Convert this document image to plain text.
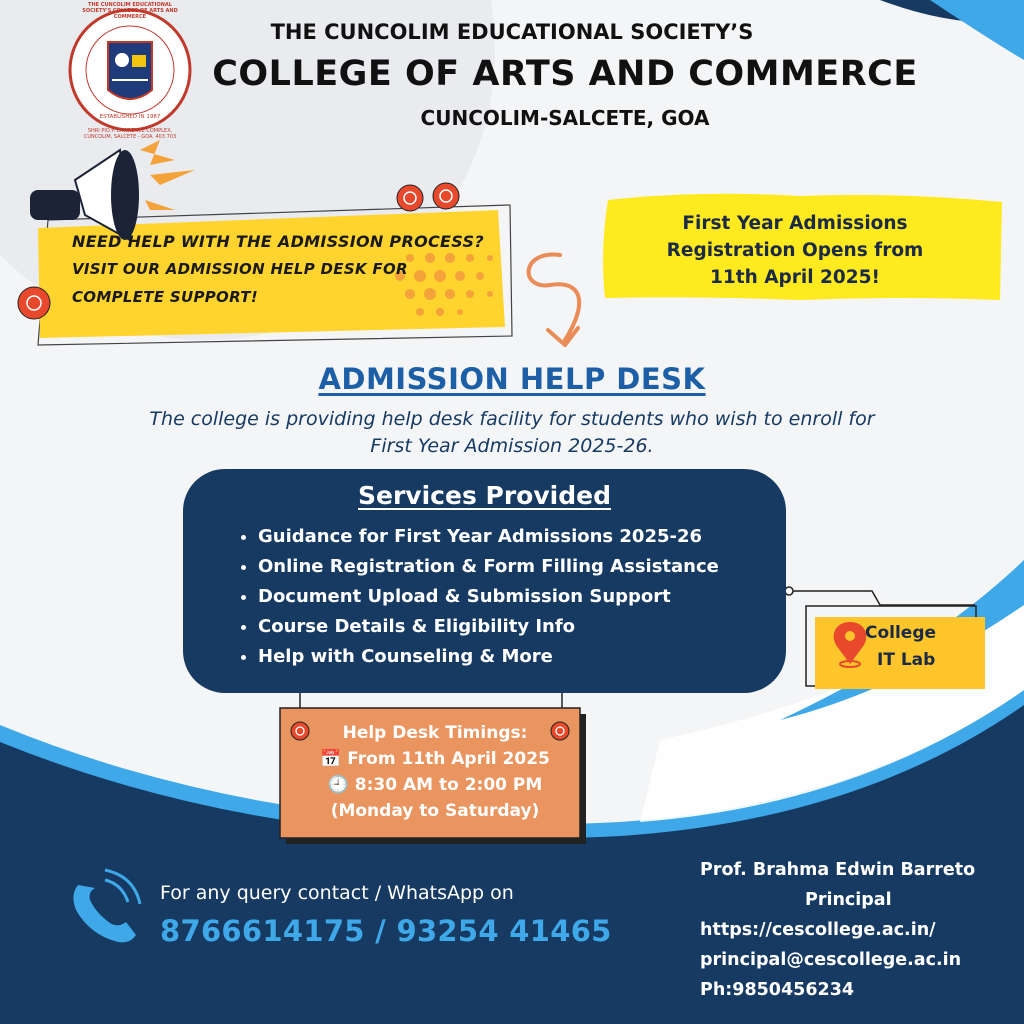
ESTABLISHED IN 1987
THE CUNCOLIM EDUCATIONAL SOCIETY’S
COLLEGE OF ARTS AND COMMERCE
CUNCOLIM-SALCETE, GOA
SHRI PIO P. LAWRENCE COMPLEX, CUNCOLIM, SALCETE - GOA. 403 703
THE CUNCOLIM EDUCATIONAL SOCIETY'S COLLEGE OF ARTS AND COMMERCE
NEED HELP WITH THE ADMISSION PROCESS?
VISIT OUR ADMISSION HELP DESK FOR
COMPLETE SUPPORT!
First Year Admissions
Registration Opens from
11th April 2025!
ADMISSION HELP DESK
The college is providing help desk facility for students who wish to enroll for
First Year Admission 2025-26.
Services Provided
• Guidance for First Year Admissions 2025-26
• Online Registration & Form Filling Assistance
• Document Upload & Submission Support
• Course Details & Eligibility Info
• Help with Counseling & More
College
IT Lab
Help Desk Timings:
📅 From 11th April 2025
🕘 8:30 AM to 2:00 PM
(Monday to Saturday)
For any query contact / WhatsApp on
8766614175 / 93254 41465
Prof. Brahma Edwin Barreto
Principal
https://cescollege.ac.in/
principal@cescollege.ac.in
Ph:9850456234
